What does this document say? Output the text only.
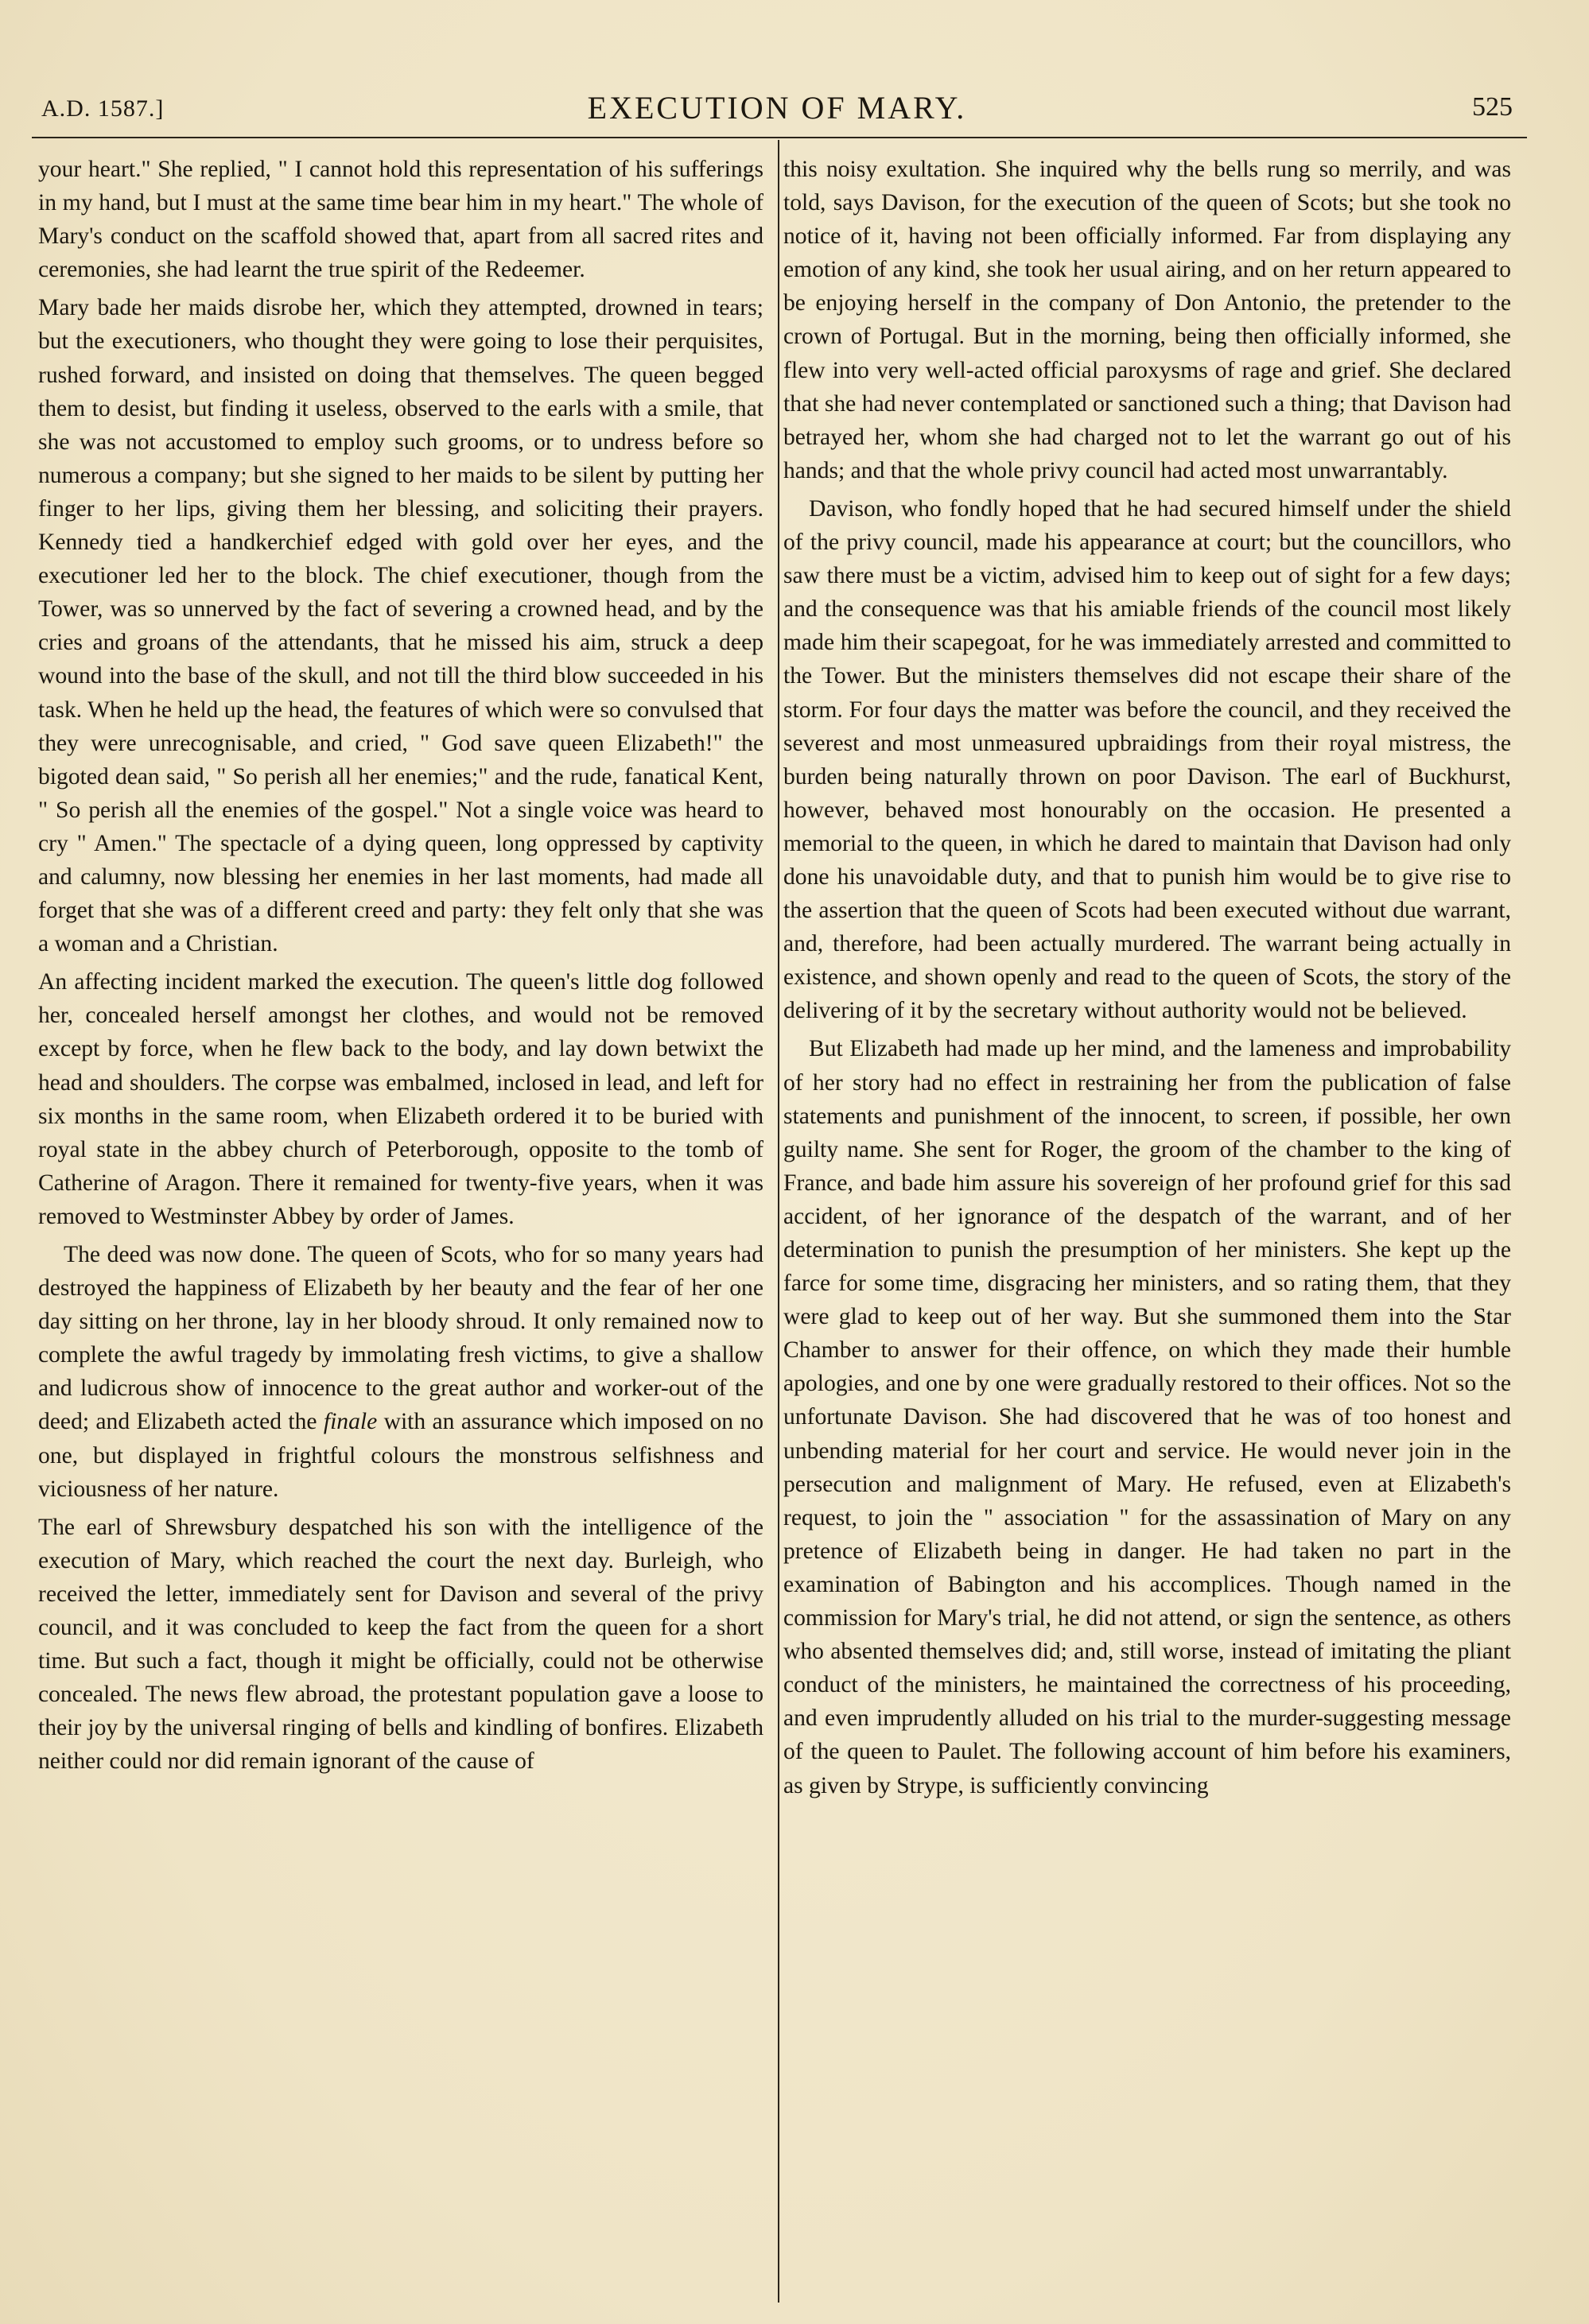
A.D. 1587.]	EXECUTION OF MARY.	525

your heart." She replied, " I cannot hold this representation of his sufferings in my hand, but I must at the same time bear him in my heart." The whole of Mary's conduct on the scaffold showed that, apart from all sacred rites and ceremonies, she had learnt the true spirit of the Redeemer.

Mary bade her maids disrobe her, which they attempted, drowned in tears; but the executioners, who thought they were going to lose their perquisites, rushed forward, and insisted on doing that themselves. The queen begged them to desist, but finding it useless, observed to the earls with a smile, that she was not accustomed to employ such grooms, or to undress before so numerous a company; but she signed to her maids to be silent by putting her finger to her lips, giving them her blessing, and soliciting their prayers. Kennedy tied a handkerchief edged with gold over her eyes, and the executioner led her to the block. The chief executioner, though from the Tower, was so unnerved by the fact of severing a crowned head, and by the cries and groans of the attendants, that he missed his aim, struck a deep wound into the base of the skull, and not till the third blow succeeded in his task. When he held up the head, the features of which were so convulsed that they were unrecognisable, and cried, " God save queen Elizabeth!" the bigoted dean said, " So perish all her enemies;" and the rude, fanatical Kent, " So perish all the enemies of the gospel." Not a single voice was heard to cry " Amen." The spectacle of a dying queen, long oppressed by captivity and calumny, now blessing her enemies in her last moments, had made all forget that she was of a different creed and party: they felt only that she was a woman and a Christian.

An affecting incident marked the execution. The queen's little dog followed her, concealed herself amongst her clothes, and would not be removed except by force, when he flew back to the body, and lay down betwixt the head and shoulders. The corpse was embalmed, inclosed in lead, and left for six months in the same room, when Elizabeth ordered it to be buried with royal state in the abbey church of Peterborough, opposite to the tomb of Catherine of Aragon. There it remained for twenty-five years, when it was removed to Westminster Abbey by order of James.

The deed was now done. The queen of Scots, who for so many years had destroyed the happiness of Elizabeth by her beauty and the fear of her one day sitting on her throne, lay in her bloody shroud. It only remained now to complete the awful tragedy by immolating fresh victims, to give a shallow and ludicrous show of innocence to the great author and worker-out of the deed; and Elizabeth acted the finale with an assurance which imposed on no one, but displayed in frightful colours the monstrous selfishness and viciousness of her nature.

The earl of Shrewsbury despatched his son with the intelligence of the execution of Mary, which reached the court the next day. Burleigh, who received the letter, immediately sent for Davison and several of the privy council, and it was concluded to keep the fact from the queen for a short time. But such a fact, though it might be officially, could not be otherwise concealed. The news flew abroad, the protestant population gave a loose to their joy by the universal ringing of bells and kindling of bonfires. Elizabeth neither could nor did remain ignorant of the cause of

this noisy exultation. She inquired why the bells rung so merrily, and was told, says Davison, for the execution of the queen of Scots; but she took no notice of it, having not been officially informed. Far from displaying any emotion of any kind, she took her usual airing, and on her return appeared to be enjoying herself in the company of Don Antonio, the pretender to the crown of Portugal. But in the morning, being then officially informed, she flew into very well-acted official paroxysms of rage and grief. She declared that she had never contemplated or sanctioned such a thing; that Davison had betrayed her, whom she had charged not to let the warrant go out of his hands; and that the whole privy council had acted most unwarrantably.

Davison, who fondly hoped that he had secured himself under the shield of the privy council, made his appearance at court; but the councillors, who saw there must be a victim, advised him to keep out of sight for a few days; and the consequence was that his amiable friends of the council most likely made him their scapegoat, for he was immediately arrested and committed to the Tower. But the ministers themselves did not escape their share of the storm. For four days the matter was before the council, and they received the severest and most unmeasured upbraidings from their royal mistress, the burden being naturally thrown on poor Davison. The earl of Buckhurst, however, behaved most honourably on the occasion. He presented a memorial to the queen, in which he dared to maintain that Davison had only done his unavoidable duty, and that to punish him would be to give rise to the assertion that the queen of Scots had been executed without due warrant, and, therefore, had been actually murdered. The warrant being actually in existence, and shown openly and read to the queen of Scots, the story of the delivering of it by the secretary without authority would not be believed.

But Elizabeth had made up her mind, and the lameness and improbability of her story had no effect in restraining her from the publication of false statements and punishment of the innocent, to screen, if possible, her own guilty name. She sent for Roger, the groom of the chamber to the king of France, and bade him assure his sovereign of her profound grief for this sad accident, of her ignorance of the despatch of the warrant, and of her determination to punish the presumption of her ministers. She kept up the farce for some time, disgracing her ministers, and so rating them, that they were glad to keep out of her way. But she summoned them into the Star Chamber to answer for their offence, on which they made their humble apologies, and one by one were gradually restored to their offices. Not so the unfortunate Davison. She had discovered that he was of too honest and unbending material for her court and service. He would never join in the persecution and malignment of Mary. He refused, even at Elizabeth's request, to join the " association " for the assassination of Mary on any pretence of Elizabeth being in danger. He had taken no part in the examination of Babington and his accomplices. Though named in the commission for Mary's trial, he did not attend, or sign the sentence, as others who absented themselves did; and, still worse, instead of imitating the pliant conduct of the ministers, he maintained the correctness of his proceeding, and even imprudently alluded on his trial to the murder-suggesting message of the queen to Paulet. The following account of him before his examiners, as given by Strype, is sufficiently convincing
